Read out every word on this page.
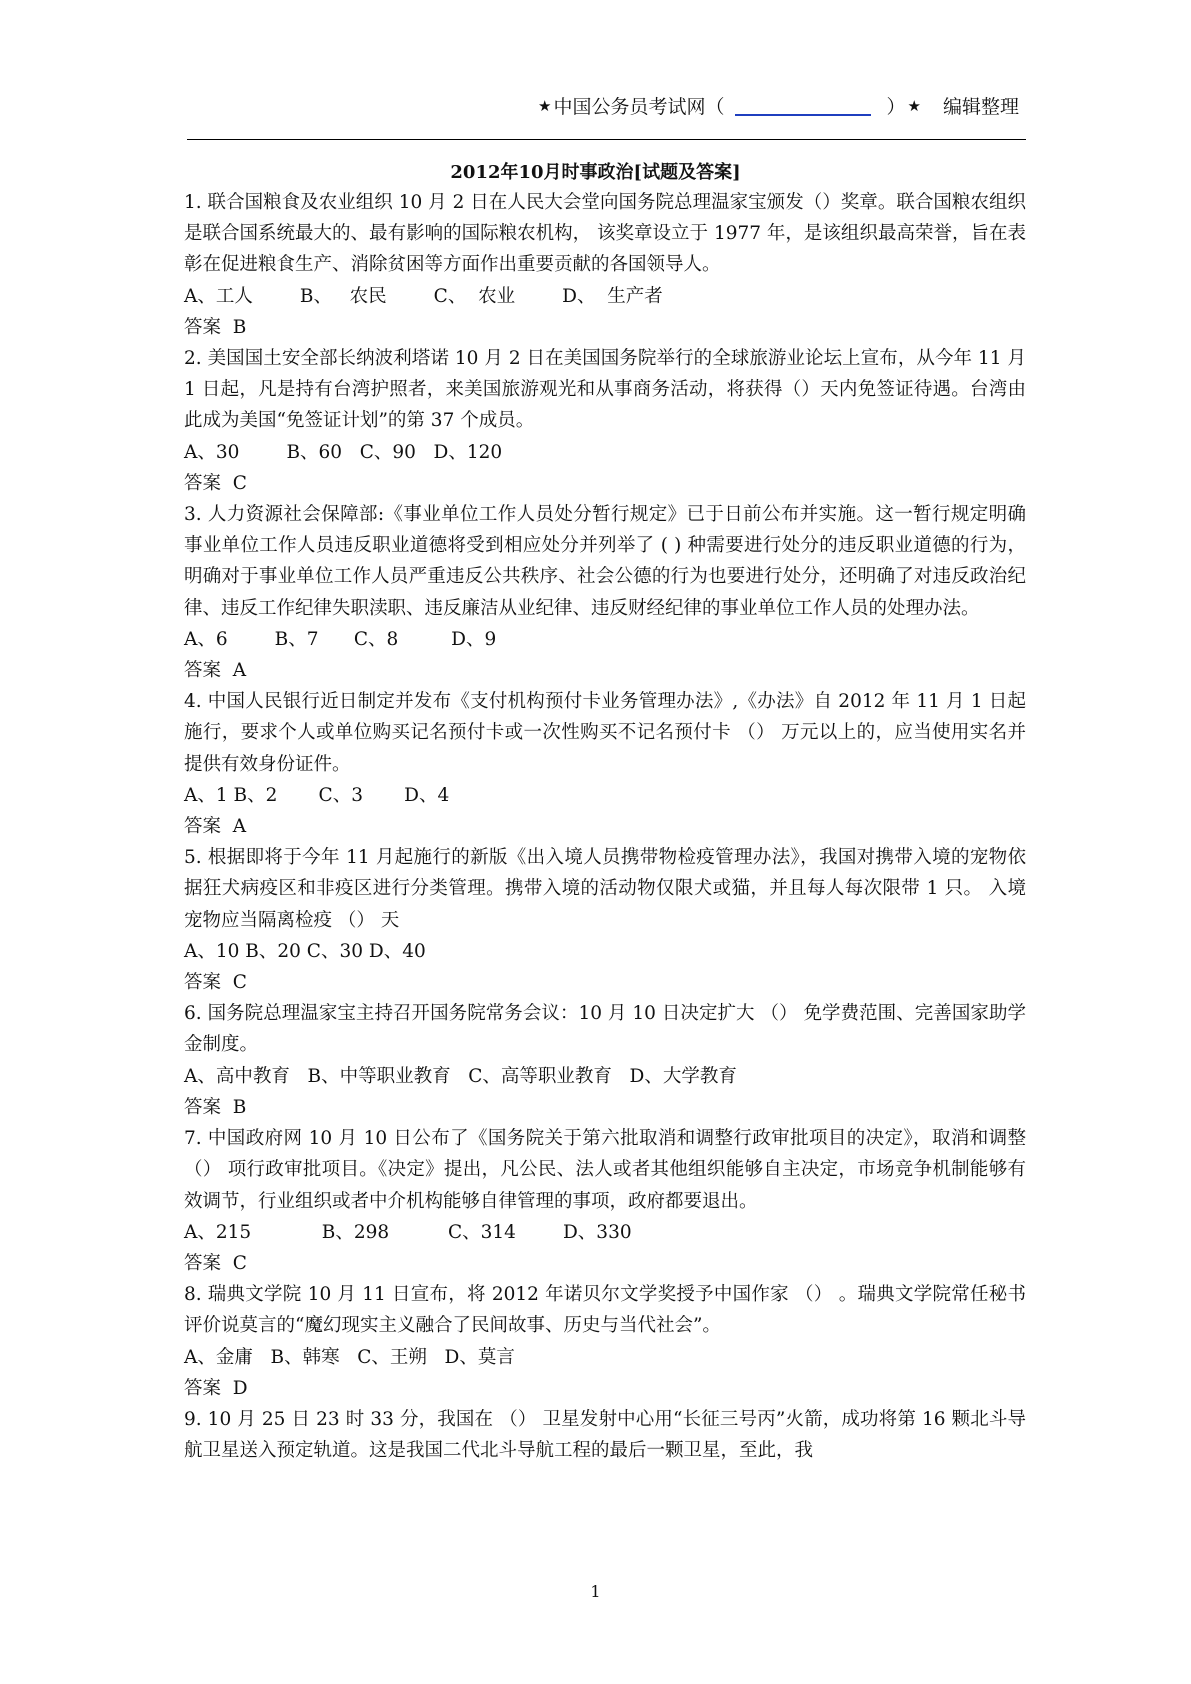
★ 中国公务员考试网（	） ★ 编辑整理
2012年10月时事政治[试题及答案]

1. 联合国粮食及农业组织 10 月 2 日在人民大会堂向国务院总理温家宝颁发（）奖章。联合国粮农组织是联合国系统最大的、最有影响的国际粮农机构， 该奖章设立于 1977 年，是该组织最高荣誉，旨在表彰在促进粮食生产、消除贫困等方面作出重要贡献的各国领导人。

A、工人        B、   农民        C、  农业        D、  生产者

答案  B

2. 美国国土安全部长纳波利塔诺 10 月 2 日在美国国务院举行的全球旅游业论坛上宣布，从今年 11 月 1 日起，凡是持有台湾护照者，来美国旅游观光和从事商务活动，将获得（）天内免签证待遇。台湾由此成为美国“免签证计划”的第 37 个成员。

A、30        B、60   C、90   D、120

答案  C

3. 人力资源社会保障部:《事业单位工作人员处分暂行规定》已于日前公布并实施。这一暂行规定明确事业单位工作人员违反职业道德将受到相应处分并列举了 ( ) 种需要进行处分的违反职业道德的行为，明确对于事业单位工作人员严重违反公共秩序、社会公德的行为也要进行处分，还明确了对违反政治纪律、违反工作纪律失职渎职、违反廉洁从业纪律、违反财经纪律的事业单位工作人员的处理办法。

A、6        B、7      C、8         D、9

答案  A

4. 中国人民银行近日制定并发布《支付机构预付卡业务管理办法》,《办法》自 2012 年 11 月 1 日起施行，要求个人或单位购买记名预付卡或一次性购买不记名预付卡 （） 万元以上的，应当使用实名并提供有效身份证件。

A、1 B、2       C、3       D、4

答案  A

5. 根据即将于今年 11 月起施行的新版《出入境人员携带物检疫管理办法》，我国对携带入境的宠物依据狂犬病疫区和非疫区进行分类管理。携带入境的活动物仅限犬或猫，并且每人每次限带 1 只。 入境宠物应当隔离检疫 （） 天

A、10 B、20 C、30 D、40

答案  C

6. 国务院总理温家宝主持召开国务院常务会议：10 月 10 日决定扩大 （） 免学费范围、完善国家助学金制度。

A、高中教育   B、中等职业教育   C、高等职业教育   D、大学教育

答案  B

7. 中国政府网 10 月 10 日公布了《国务院关于第六批取消和调整行政审批项目的决定》，取消和调整 （） 项行政审批项目。《决定》提出，凡公民、法人或者其他组织能够自主决定，市场竞争机制能够有效调节，行业组织或者中介机构能够自律管理的事项，政府都要退出。

A、215            B、298          C、314        D、330

答案  C

8. 瑞典文学院 10 月 11 日宣布，将 2012 年诺贝尔文学奖授予中国作家 （） 。瑞典文学院常任秘书评价说莫言的“魔幻现实主义融合了民间故事、历史与当代社会”。

A、金庸   B、韩寒   C、王朔   D、莫言

答案  D

9. 10 月 25 日 23 时 33 分，我国在 （） 卫星发射中心用“长征三号丙”火箭，成功将第 16 颗北斗导航卫星送入预定轨道。这是我国二代北斗导航工程的最后一颗卫星，至此，我

1
